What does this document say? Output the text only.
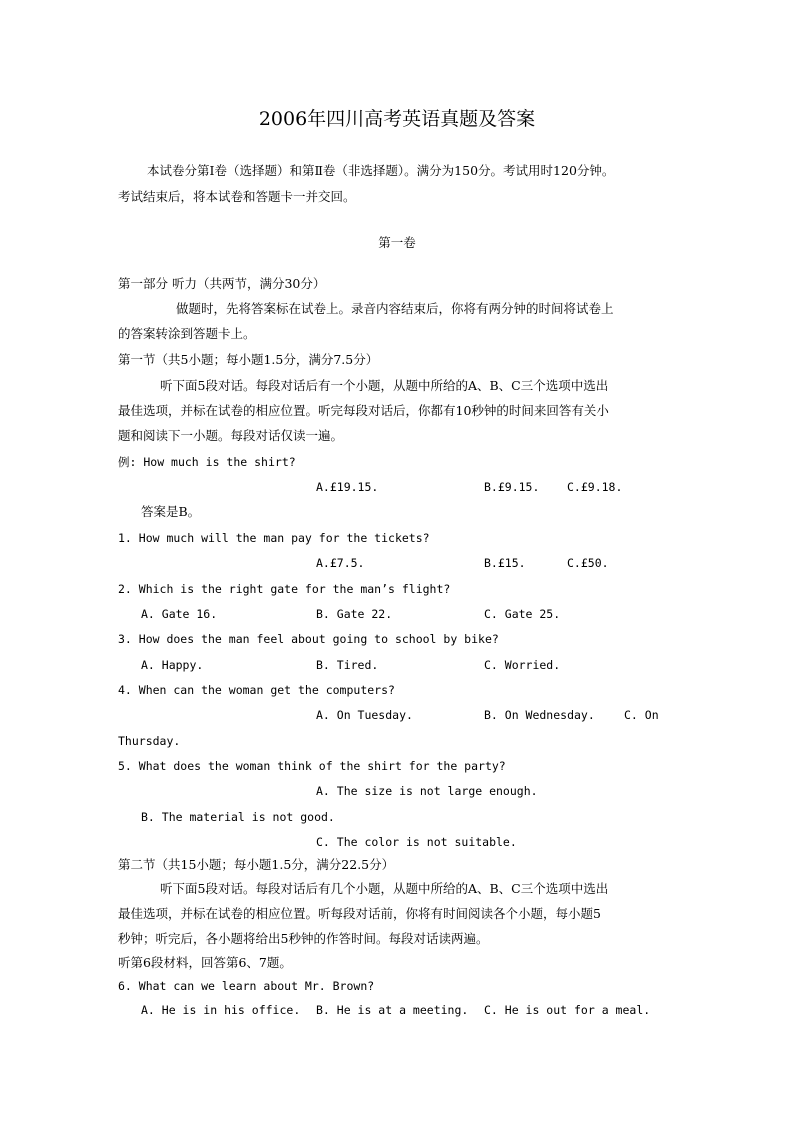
2006年四川高考英语真题及答案
本试卷分第Ⅰ卷（选择题）和第Ⅱ卷（非选择题）。满分为150分。考试用时120分钟。
考试结束后，将本试卷和答题卡一并交回。
第一卷
第一部分 听力（共两节，满分30分）
做题时，先将答案标在试卷上。录音内容结束后，你将有两分钟的时间将试卷上
的答案转涂到答题卡上。
第一节（共5小题；每小题1.5分，满分7.5分）
听下面5段对话。每段对话后有一个小题，从题中所给的A、B、C三个选项中选出
最佳选项，并标在试卷的相应位置。听完每段对话后，你都有10秒钟的时间来回答有关小
题和阅读下一小题。每段对话仅读一遍。
例: How much is the shirt?
A.£19.15.	B.£9.15. C.£9.18.
答案是B。
1. How much will the man pay for the tickets?
A.£7.5.	B.£15.	C.£50.
2. Which is the right gate for the man’s flight?
A. Gate 16.	B. Gate 22.	C. Gate 25.
3. How does the man feel about going to school by bike?
A. Happy.	B. Tired.	C. Worried.
4. When can the woman get the computers?
A. On Tuesday.	B. On Wednesday.	C. On
Thursday.
5. What does the woman think of the shirt for the party?
A. The size is not large enough.
B. The material is not good.
C. The color is not suitable.
第二节（共15小题；每小题1.5分，满分22.5分）
听下面5段对话。每段对话后有几个小题，从题中所给的A、B、C三个选项中选出
最佳选项，并标在试卷的相应位置。听每段对话前，你将有时间阅读各个小题，每小题5
秒钟；听完后，各小题将给出5秒钟的作答时间。每段对话读两遍。
听第6段材料，回答第6、7题。
6. What can we learn about Mr. Brown?
A. He is in his office. B. He is at a meeting. C. He is out for a meal.
